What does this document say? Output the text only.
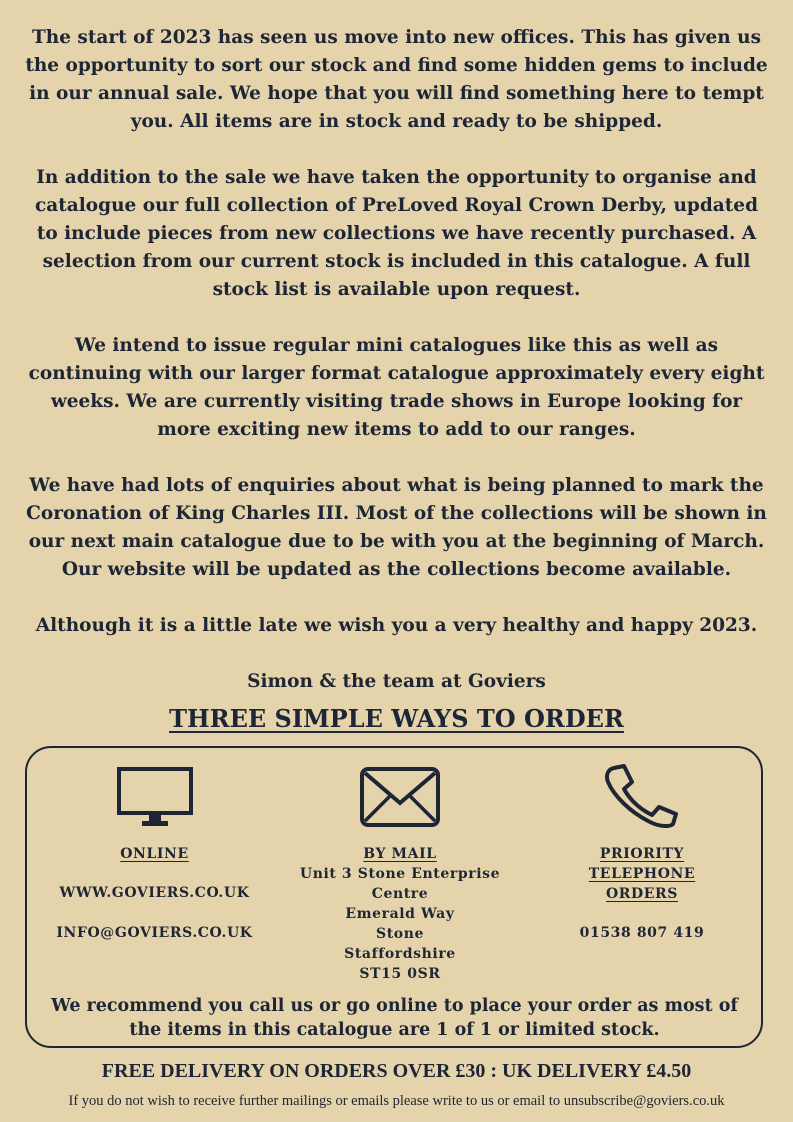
The start of 2023 has seen us move into new offices. This has given us the opportunity to sort our stock and find some hidden gems to include in our annual sale. We hope that you will find something here to tempt you. All items are in stock and ready to be shipped.

In addition to the sale we have taken the opportunity to organise and catalogue our full collection of PreLoved Royal Crown Derby, updated to include pieces from new collections we have recently purchased. A selection from our current stock is included in this catalogue. A full stock list is available upon request.

We intend to issue regular mini catalogues like this as well as continuing with our larger format catalogue approximately every eight weeks. We are currently visiting trade shows in Europe looking for more exciting new items to add to our ranges.

We have had lots of enquiries about what is being planned to mark the Coronation of King Charles III. Most of the collections will be shown in our next main catalogue due to be with you at the beginning of March. Our website will be updated as the collections become available.

Although it is a little late we wish you a very healthy and happy 2023.

Simon & the team at Goviers

THREE SIMPLE WAYS TO ORDER
ONLINE
WWW.GOVIERS.CO.UK
INFO@GOVIERS.CO.UK
BY MAIL
Unit 3 Stone Enterprise
Centre
Emerald Way
Stone
Staffordshire
ST15 0SR
PRIORITY
TELEPHONE
ORDERS
01538 807 419
We recommend you call us or go online to place your order as most of the items in this catalogue are 1 of 1 or limited stock.
FREE DELIVERY ON ORDERS OVER £30 : UK DELIVERY £4.50
If you do not wish to receive further mailings or emails please write to us or email to unsubscribe@goviers.co.uk
